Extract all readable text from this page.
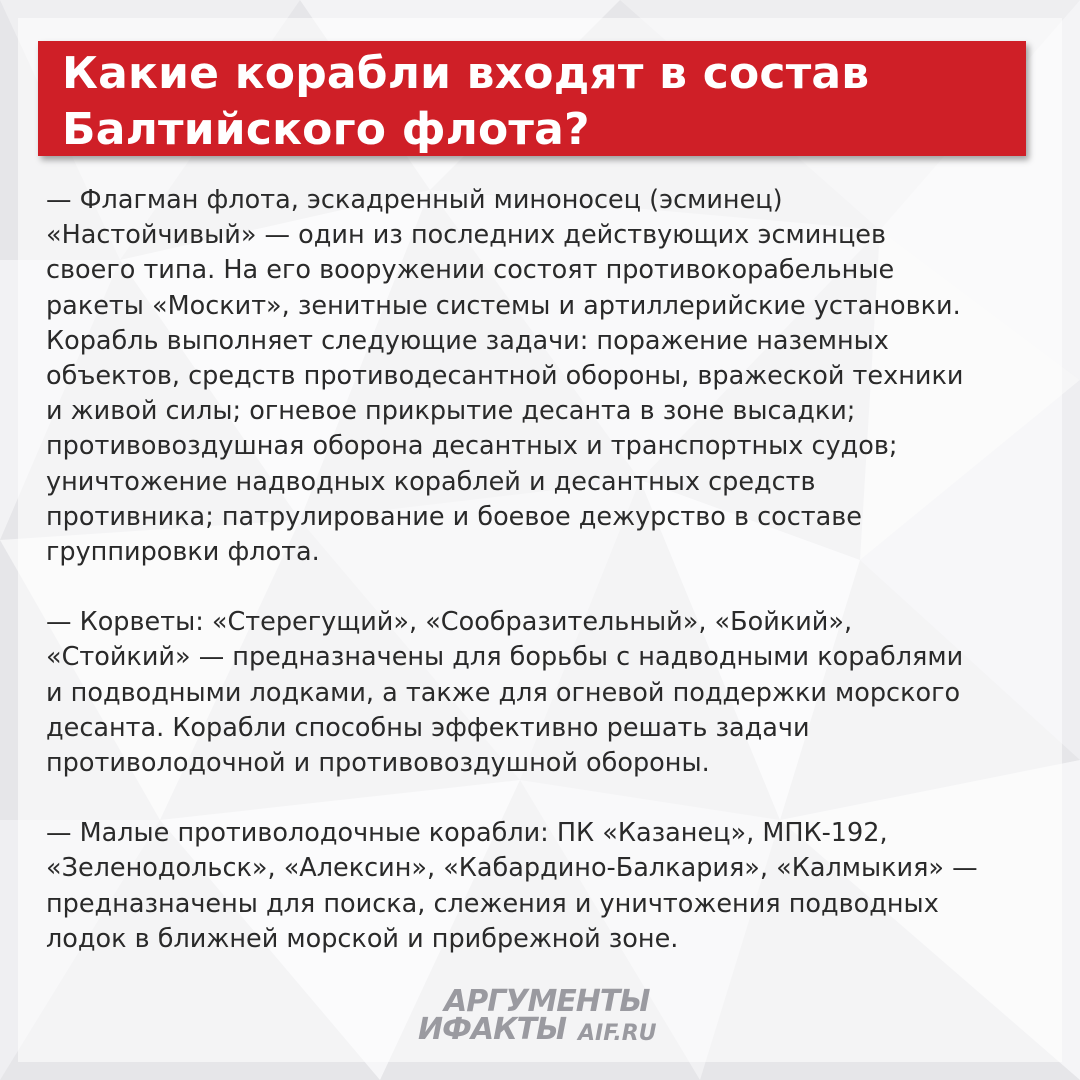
Какие корабли входят в состав
Балтийского флота?

— Флагман флота, эскадренный миноносец (эсминец)
«Настойчивый» — один из последних действующих эсминцев
своего типа. На его вооружении состоят противокорабельные
ракеты «Москит», зенитные системы и артиллерийские установки.
Корабль выполняет следующие задачи: поражение наземных
объектов, средств противодесантной обороны, вражеской техники
и живой силы; огневое прикрытие десанта в зоне высадки;
противовоздушная оборона десантных и транспортных судов;
уничтожение надводных кораблей и десантных средств
противника; патрулирование и боевое дежурство в составе
группировки флота.

— Корветы: «Стерегущий», «Сообразительный», «Бойкий»,
«Стойкий» — предназначены для борьбы с надводными кораблями
и подводными лодками, а также для огневой поддержки морского
десанта. Корабли способны эффективно решать задачи
противолодочной и противовоздушной обороны.

— Малые противолодочные корабли: ПК «Казанец», МПК-192,
«Зеленодольск», «Алексин», «Кабардино-Балкария», «Калмыкия» —
предназначены для поиска, слежения и уничтожения подводных
лодок в ближней морской и прибрежной зоне.

АРГУМЕНТЫ
ИФАКТЫ AIF.RU
